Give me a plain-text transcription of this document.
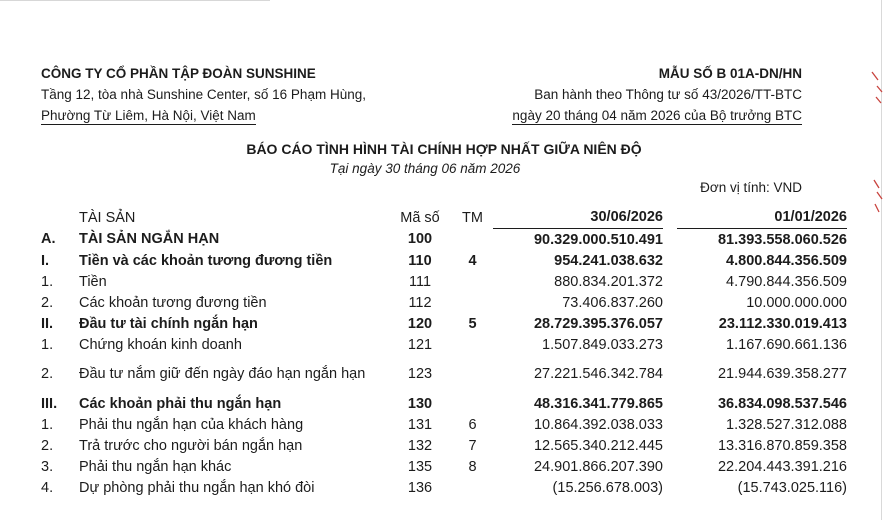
CÔNG TY CỔ PHẦN TẬP ĐOÀN SUNSHINE
Tầng 12, tòa nhà Sunshine Center, số 16 Phạm Hùng,
Phường Từ Liêm, Hà Nội, Việt Nam
MẪU SỐ B 01A-DN/HN
Ban hành theo Thông tư số 43/2026/TT-BTC
ngày 20 tháng 04 năm 2026 của Bộ trưởng BTC
BÁO CÁO TÌNH HÌNH TÀI CHÍNH HỢP NHẤT GIỮA NIÊN ĐỘ
Tại ngày 30 tháng 06 năm 2026
Đơn vị tính: VND
	TÀI SẢN	Mã số	TM	30/06/2026		01/01/2026
A.	TÀI SẢN NGẮN HẠN	100		90.329.000.510.491		81.393.558.060.526
I.	Tiền và các khoản tương đương tiền	110	4	954.241.038.632		4.800.844.356.509
1.	Tiền	111		880.834.201.372		4.790.844.356.509
2.	Các khoản tương đương tiền	112		73.406.837.260		10.000.000.000
II.	Đầu tư tài chính ngắn hạn	120	5	28.729.395.376.057		23.112.330.019.413
1.	Chứng khoán kinh doanh	121		1.507.849.033.273		1.167.690.661.136
2.	Đầu tư nắm giữ đến ngày đáo hạn ngắn hạn	123		27.221.546.342.784		21.944.639.358.277
III.	Các khoản phải thu ngắn hạn	130		48.316.341.779.865		36.834.098.537.546
1.	Phải thu ngắn hạn của khách hàng	131	6	10.864.392.038.033		1.328.527.312.088
2.	Trả trước cho người bán ngắn hạn	132	7	12.565.340.212.445		13.316.870.859.358
3.	Phải thu ngắn hạn khác	135	8	24.901.866.207.390		22.204.443.391.216
4.	Dự phòng phải thu ngắn hạn khó đòi	136		(15.256.678.003)		(15.743.025.116)
